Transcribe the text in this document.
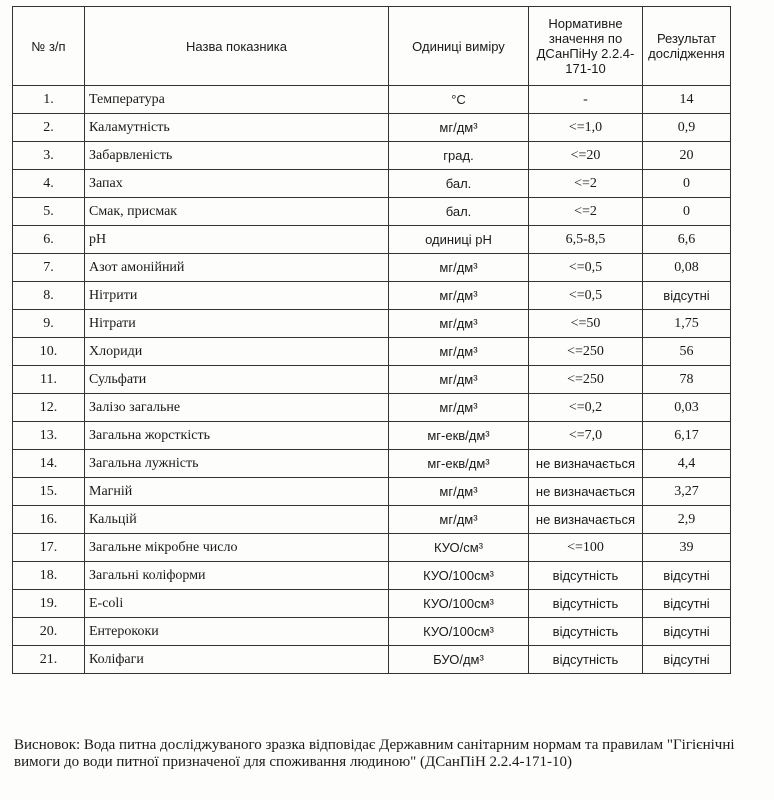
№ з/п	Назва показника	Одиниці виміру	Нормативне значення по ДСанПіНу 2.2.4-171-10	Результат дослідження
1.	Температура	°С	-	14
2.	Каламутність	мг/дм³	<=1,0	0,9
3.	Забарвленість	град.	<=20	20
4.	Запах	бал.	<=2	0
5.	Смак, присмак	бал.	<=2	0
6.	рН	одиниці рН	6,5-8,5	6,6
7.	Азот амонійний	мг/дм³	<=0,5	0,08
8.	Нітрити	мг/дм³	<=0,5	відсутні
9.	Нітрати	мг/дм³	<=50	1,75
10.	Хлориди	мг/дм³	<=250	56
11.	Сульфати	мг/дм³	<=250	78
12.	Залізо загальне	мг/дм³	<=0,2	0,03
13.	Загальна жорсткість	мг-екв/дм³	<=7,0	6,17
14.	Загальна лужність	мг-екв/дм³	не визначається	4,4
15.	Магній	мг/дм³	не визначається	3,27
16.	Кальцій	мг/дм³	не визначається	2,9
17.	Загальне мікробне число	КУО/см³	<=100	39
18.	Загальні коліформи	КУО/100см³	відсутність	відсутні
19.	E-coli	КУО/100см³	відсутність	відсутні
20.	Ентерококи	КУО/100см³	відсутність	відсутні
21.	Коліфаги	БУО/дм³	відсутність	відсутні

Висновок: Вода питна досліджуваного зразка відповідає Державним санітарним нормам та правилам "Гігієнічні вимоги до води питної призначеної для споживання людиною" (ДСанПіН 2.2.4-171-10)
